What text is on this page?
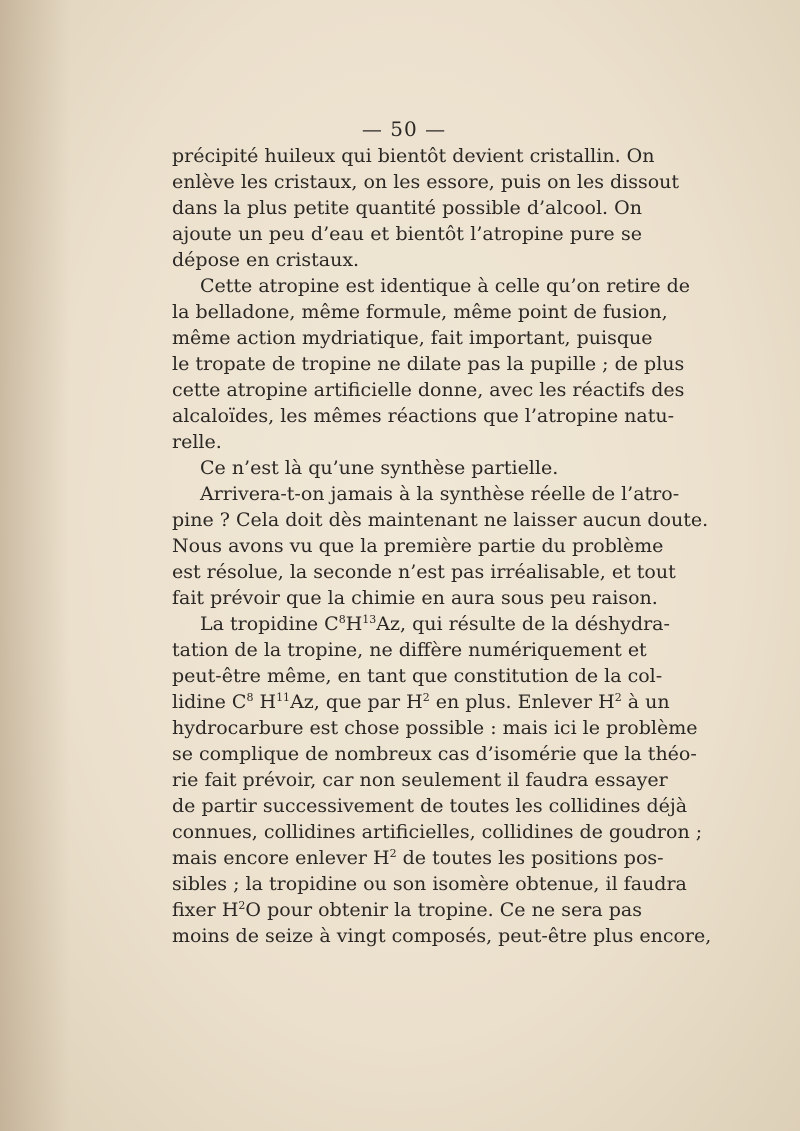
— 50 —
précipité huileux qui bientôt devient cristallin. On
enlève les cristaux, on les essore, puis on les dissout
dans la plus petite quantité possible d’alcool. On
ajoute un peu d’eau et bientôt l’atropine pure se
dépose en cristaux.
Cette atropine est identique à celle qu’on retire de
la belladone, même formule, même point de fusion,
même action mydriatique, fait important, puisque
le tropate de tropine ne dilate pas la pupille ; de plus
cette atropine artificielle donne, avec les réactifs des
alcaloïdes, les mêmes réactions que l’atropine natu-
relle.
Ce n’est là qu’une synthèse partielle.
Arrivera-t-on jamais à la synthèse réelle de l’atro-
pine ? Cela doit dès maintenant ne laisser aucun doute.
Nous avons vu que la première partie du problème
est résolue, la seconde n’est pas irréalisable, et tout
fait prévoir que la chimie en aura sous peu raison.
La tropidine $C^8H^{13}Az$, qui résulte de la déshydra-
tation de la tropine, ne diffère numériquement et
peut-être même, en tant que constitution de la col-
lidine $C^8$ $H^{11}Az$, que par $H^2$ en plus. Enlever $H^2$ à un
hydrocarbure est chose possible : mais ici le problème
se complique de nombreux cas d’isomérie que la théo-
rie fait prévoir, car non seulement il faudra essayer
de partir successivement de toutes les collidines déjà
connues, collidines artificielles, collidines de goudron ;
mais encore enlever $H^2$ de toutes les positions pos-
sibles ; la tropidine ou son isomère obtenue, il faudra
fixer $H^2O$ pour obtenir la tropine. Ce ne sera pas
moins de seize à vingt composés, peut-être plus encore,
